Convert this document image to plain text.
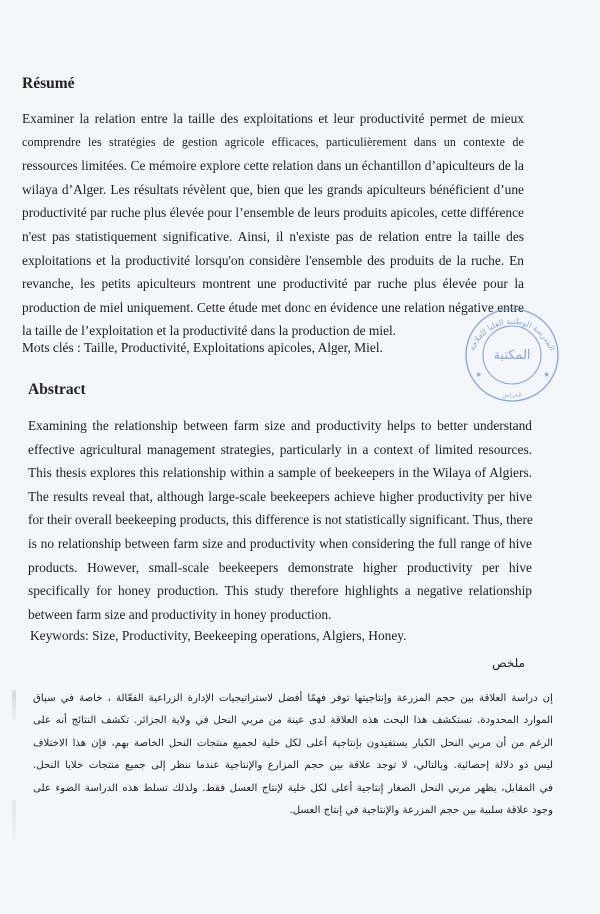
Résumé
Examiner la relation entre la taille des exploitations et leur productivité permet de mieux
comprendre les stratégies de gestion agricole efficaces, particulièrement dans un contexte de
ressources limitées. Ce mémoire explore cette relation dans un échantillon d’apiculteurs de la
wilaya d’Alger. Les résultats révèlent que, bien que les grands apiculteurs bénéficient d’une
productivité par ruche plus élevée pour l’ensemble de leurs produits apicoles, cette différence
n'est pas statistiquement significative. Ainsi, il n'existe pas de relation entre la taille des
exploitations et la productivité lorsqu'on considère l'ensemble des produits de la ruche. En
revanche, les petits apiculteurs montrent une productivité par ruche plus élevée pour la
production de miel uniquement. Cette étude met donc en évidence une relation négative entre
la taille de l’exploitation et la productivité dans la production de miel.
Mots clés : Taille, Productivité, Exploitations apicoles, Alger, Miel.
Abstract
Examining the relationship between farm size and productivity helps to better understand
effective agricultural management strategies, particularly in a context of limited resources.
This thesis explores this relationship within a sample of beekeepers in the Wilaya of Algiers.
The results reveal that, although large-scale beekeepers achieve higher productivity per hive
for their overall beekeeping products, this difference is not statistically significant. Thus, there
is no relationship between farm size and productivity when considering the full range of hive
products. However, small-scale beekeepers demonstrate higher productivity per hive
specifically for honey production. This study therefore highlights a negative relationship
between farm size and productivity in honey production.
Keywords: Size, Productivity, Beekeeping operations, Algiers, Honey.
ملخص
إن دراسة العلاقة بين حجم المزرعة وإنتاجيتها توفر فهمًا أفضل لاستراتيجيات الإدارة الزراعية الفعّالة ، خاصة في سياق
الموارد المحدودة. تستكشف هذا البحث هذه العلاقة لدى عينة من مربي النحل في ولاية الجزائر. تكشف النتائج أنه على
الرغم من أن مربي النحل الكبار يستفيدون بإنتاجية أعلى لكل خلية لجميع منتجات النحل الخاصة بهم، فإن هذا الاختلاف
ليس ذو دلالة إحصائية. وبالتالي، لا توجد علاقة بين حجم المزارع والإنتاجية عندما ننظر إلى جميع منتجات خلايا النحل.
في المقابل، يظهر مربي النحل الصغار إنتاجية أعلى لكل خلية لإنتاج العسل فقط. ولذلك تسلط هذه الدراسة الضوء على
وجود علاقة سلبية بين حجم المزرعة والإنتاجية في إنتاج العسل.
المدرسة الوطنية العليا للفلاحة
المكتبة
★	★
الحراش
